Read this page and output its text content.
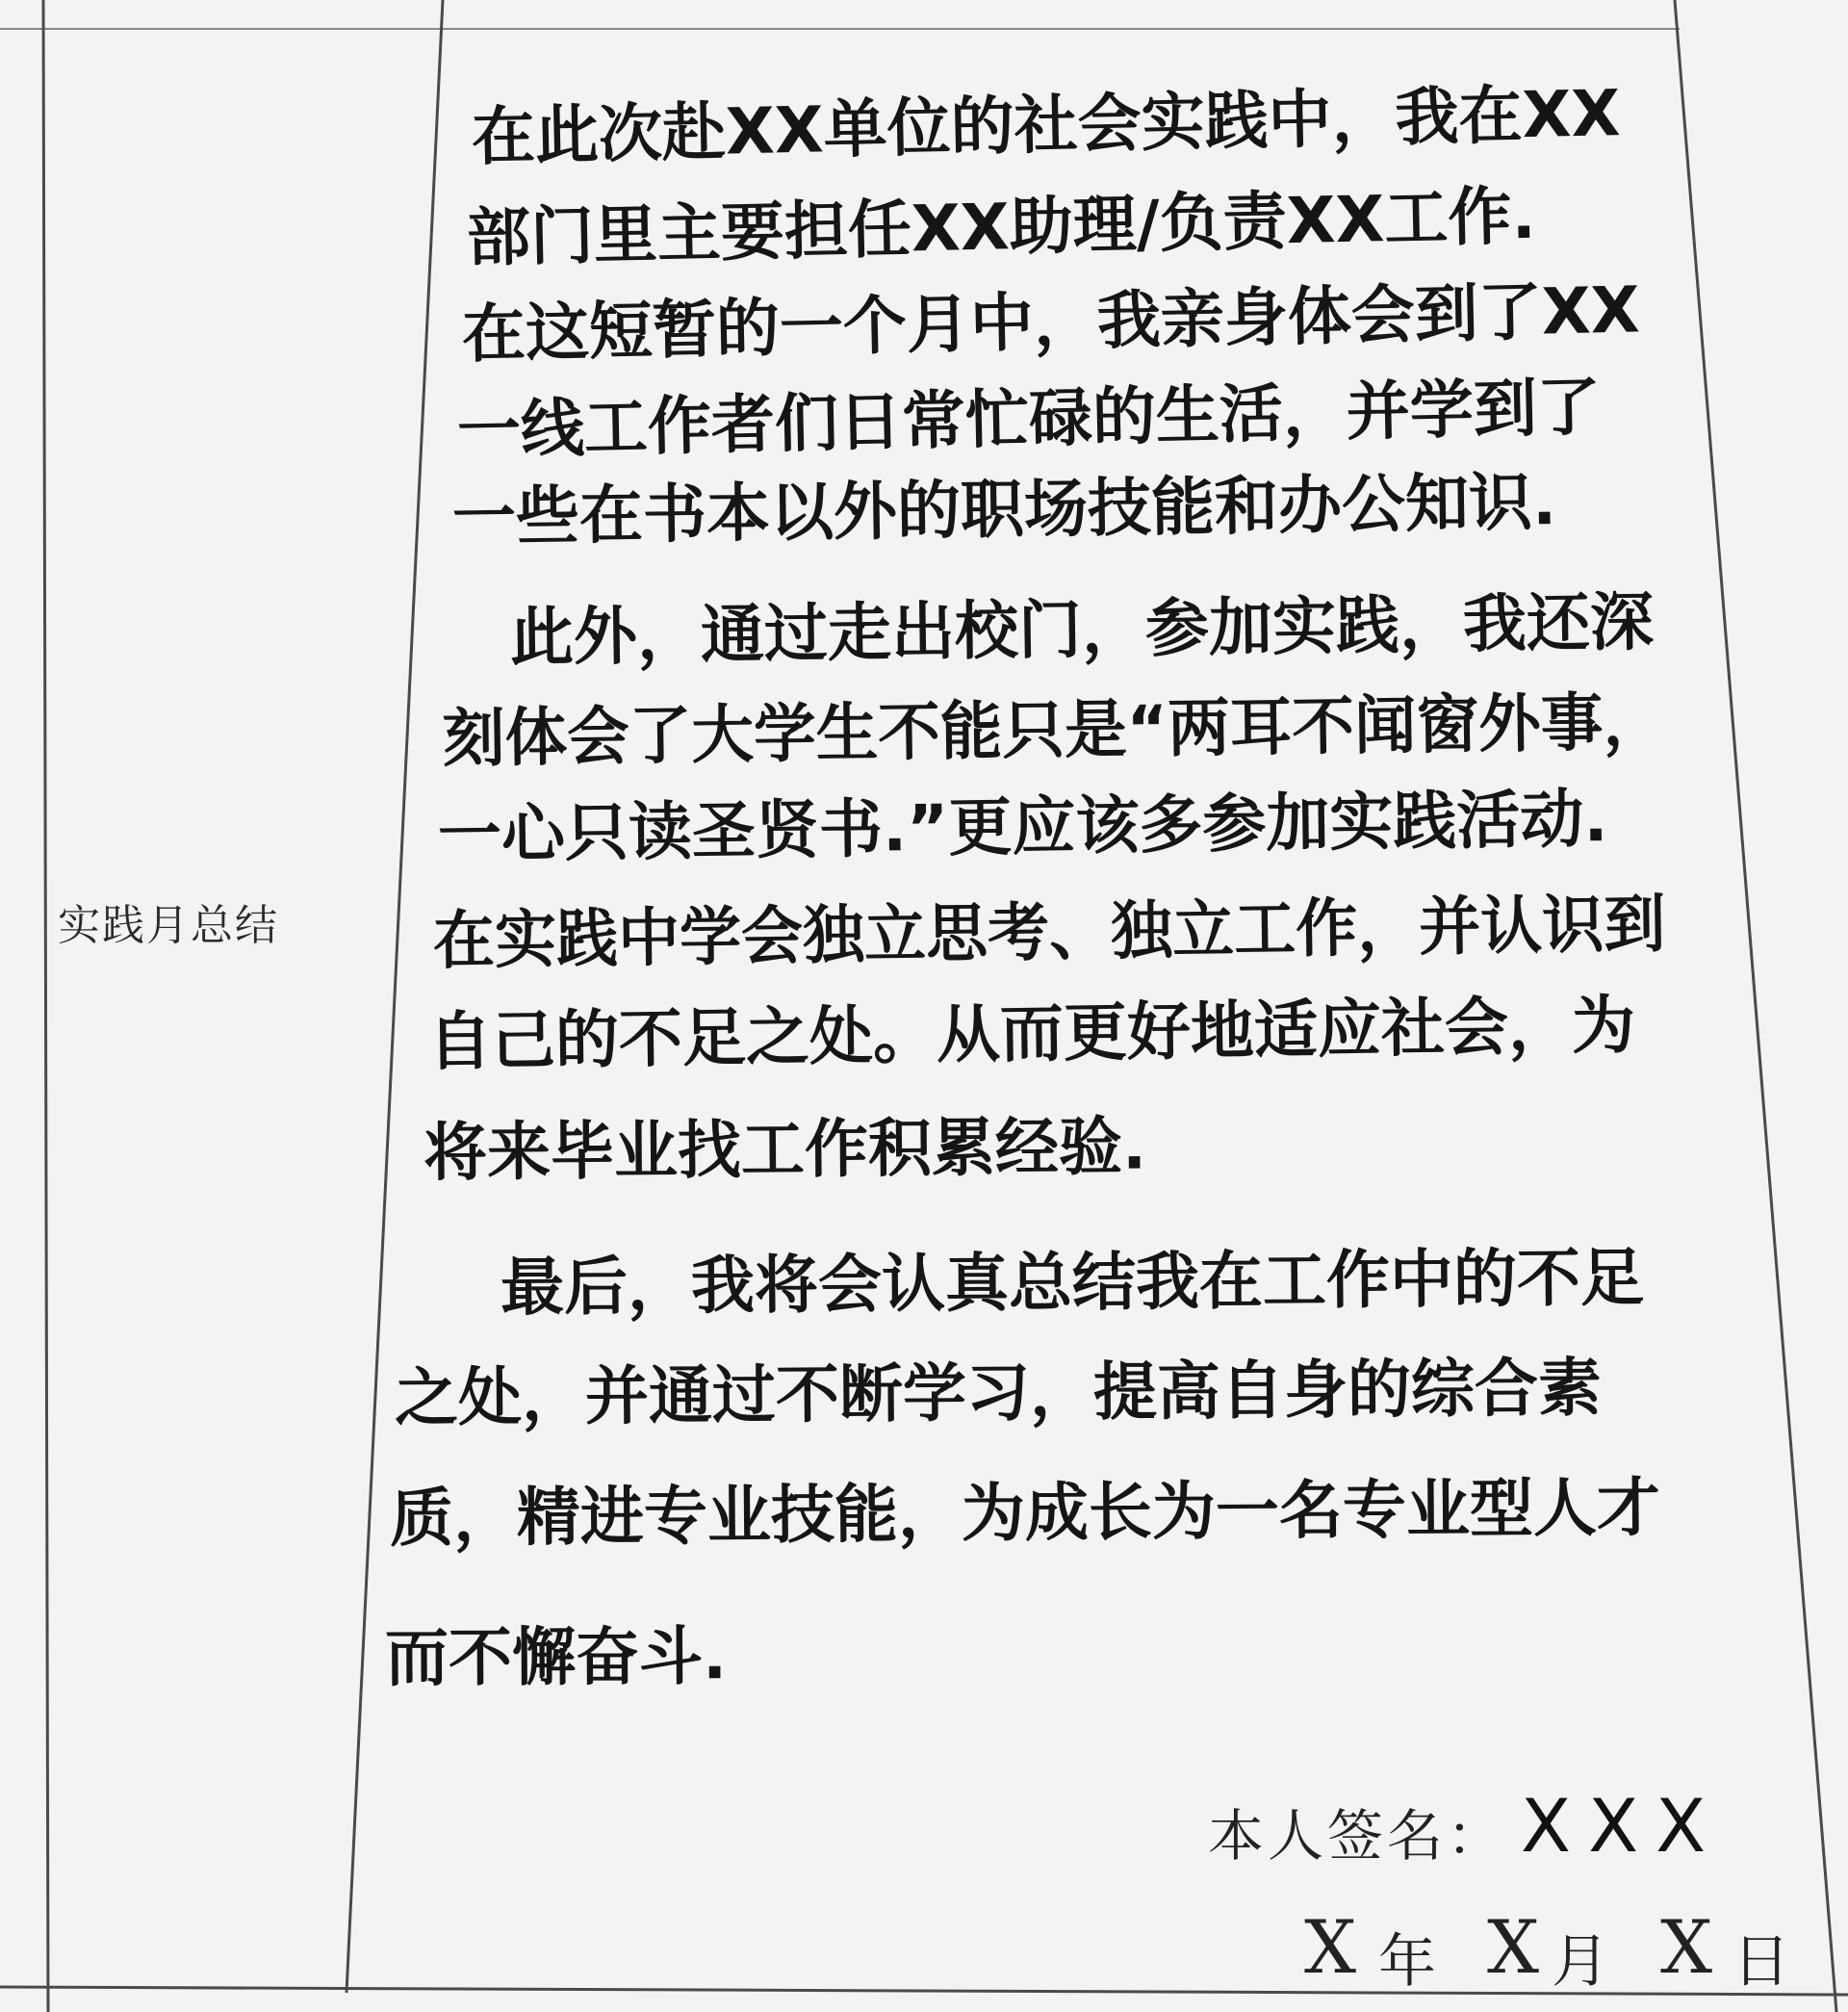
实践月总结
在此次赴XX单位的社会实践中，我在XX
部门里主要担任XX助理/负责XX工作.
在这短暂的一个月中，我亲身体会到了XX
一线工作者们日常忙碌的生活，并学到了
一些在书本以外的职场技能和办公知识.
此外，通过走出校门，参加实践，我还深
刻体会了大学生不能只是“两耳不闻窗外事，
一心只读圣贤书.”更应该多参加实践活动.
在实践中学会独立思考、独立工作，并认识到
自己的不足之处。从而更好地适应社会，为
将来毕业找工作积累经验.
最后，我将会认真总结我在工作中的不足
之处，并通过不断学习，提高自身的综合素
质，精进专业技能，为成长为一名专业型人才
而不懈奋斗.
本人签名： XXX
X 年 X 月 X 日
